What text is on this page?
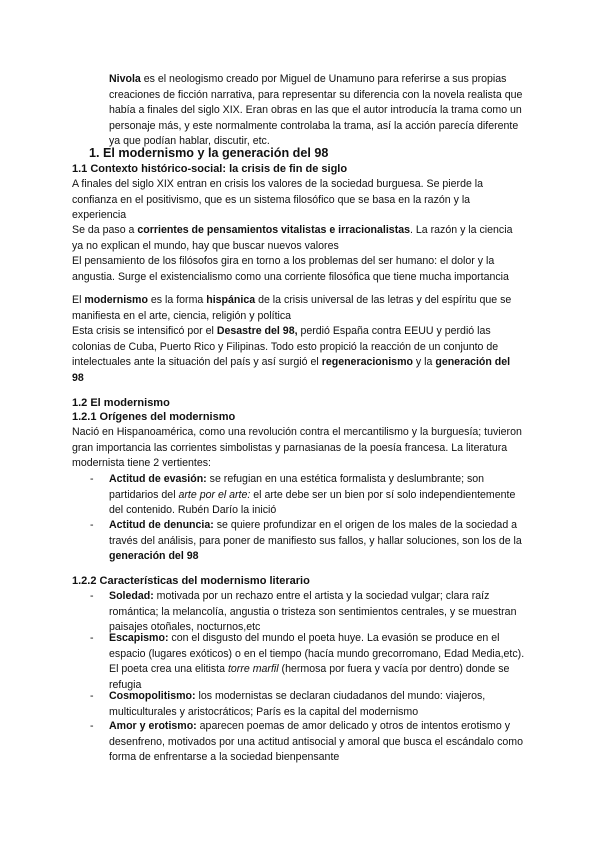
Nivola es el neologismo creado por Miguel de Unamuno para referirse a sus propias creaciones de ficción narrativa, para representar su diferencia con la novela realista que había a finales del siglo XIX. Eran obras en las que el autor introducía la trama como un personaje más, y este normalmente controlaba la trama, así la acción parecía diferente ya que podían hablar, discutir, etc.

1. El modernismo y la generación del 98
1.1 Contexto histórico-social: la crisis de fin de siglo

A finales del siglo XIX entran en crisis los valores de la sociedad burguesa. Se pierde la confianza en el positivismo, que es un sistema filosófico que se basa en la razón y la experiencia

Se da paso a corrientes de pensamientos vitalistas e irracionalistas. La razón y la ciencia ya no explican el mundo, hay que buscar nuevos valores

El pensamiento de los filósofos gira en torno a los problemas del ser humano: el dolor y la angustia. Surge el existencialismo como una corriente filosófica que tiene mucha importancia

El modernismo es la forma hispánica de la crisis universal de las letras y del espíritu que se manifiesta en el arte, ciencia, religión y política

Esta crisis se intensificó por el Desastre del 98, perdió España contra EEUU y perdió las colonias de Cuba, Puerto Rico y Filipinas. Todo esto propició la reacción de un conjunto de intelectuales ante la situación del país y así surgió el regeneracionismo y la generación del 98

1.2 El modernismo
1.2.1 Orígenes del modernismo

Nació en Hispanoamérica, como una revolución contra el mercantilismo y la burguesía; tuvieron gran importancia las corrientes simbolistas y parnasianas de la poesía francesa. La literatura modernista tiene 2 vertientes:

- Actitud de evasión: se refugian en una estética formalista y deslumbrante; son partidarios del arte por el arte: el arte debe ser un bien por sí solo independientemente del contenido. Rubén Darío la inició

- Actitud de denuncia: se quiere profundizar en el origen de los males de la sociedad a través del análisis, para poner de manifiesto sus fallos, y hallar soluciones, son los de la generación del 98

1.2.2 Características del modernismo literario
- Soledad: motivada por un rechazo entre el artista y la sociedad vulgar; clara raíz romántica; la melancolía, angustia o tristeza son sentimientos centrales, y se muestran paisajes otoñales, nocturnos,etc

- Escapismo: con el disgusto del mundo el poeta huye. La evasión se produce en el espacio (lugares exóticos) o en el tiempo (hacía mundo grecorromano, Edad Media,etc). El poeta crea una elitista torre marfil (hermosa por fuera y vacía por dentro) donde se refugia

- Cosmopolitismo: los modernistas se declaran ciudadanos del mundo: viajeros, multiculturales y aristocráticos; París es la capital del modernismo

- Amor y erotismo: aparecen poemas de amor delicado y otros de intentos erotismo y desenfreno, motivados por una actitud antisocial y amoral que busca el escándalo como forma de enfrentarse a la sociedad bienpensante
